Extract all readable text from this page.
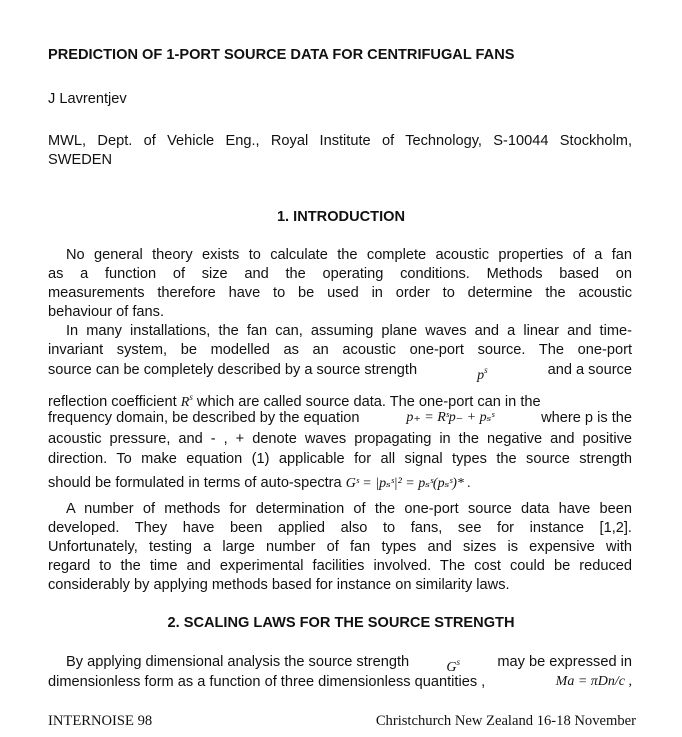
PREDICTION OF 1-PORT SOURCE DATA FOR CENTRIFUGAL FANS
J Lavrentjev
MWL, Dept. of Vehicle Eng., Royal Institute of Technology, S-10044 Stockholm,
SWEDEN
1. INTRODUCTION
No general theory exists to calculate the complete acoustic properties of a fan
as a function of size and the operating conditions. Methods based on
measurements therefore have to be used in order to determine the acoustic
behaviour of fans.
In many installations, the fan can, assuming plane waves and a linear and time-
invariant system, be modelled as an acoustic one-port source. The one-port
source can be completely described by a source strength	$p^s$	and a source
reflection coefficient $R^s$ which are called source data. The one-port can in the
frequency domain, be described by the equation	p₊ = Rˢp₋ + pₛˢ	where p is the
acoustic pressure, and - , + denote waves propagating in the negative and positive
direction. To make equation (1) applicable for all signal types the source strength
should be formulated in terms of auto-spectra Gˢ = |pₛˢ|² = pₛˢ(pₛˢ)* .
A number of methods for determination of the one-port source data have been
developed. They have been applied also to fans, see for instance [1,2].
Unfortunately, testing a large number of fan types and sizes is expensive with
regard to the time and experimental facilities involved. The cost could be reduced
considerably by applying methods based for instance on similarity laws.
2. SCALING LAWS FOR THE SOURCE STRENGTH
By applying dimensional analysis the source strength	$G^s$	may be expressed in
dimensionless form as a function of three dimensionless quantities ,	Ma = πDn/c ,
INTERNOISE 98	Christchurch New Zealand 16-18 November
